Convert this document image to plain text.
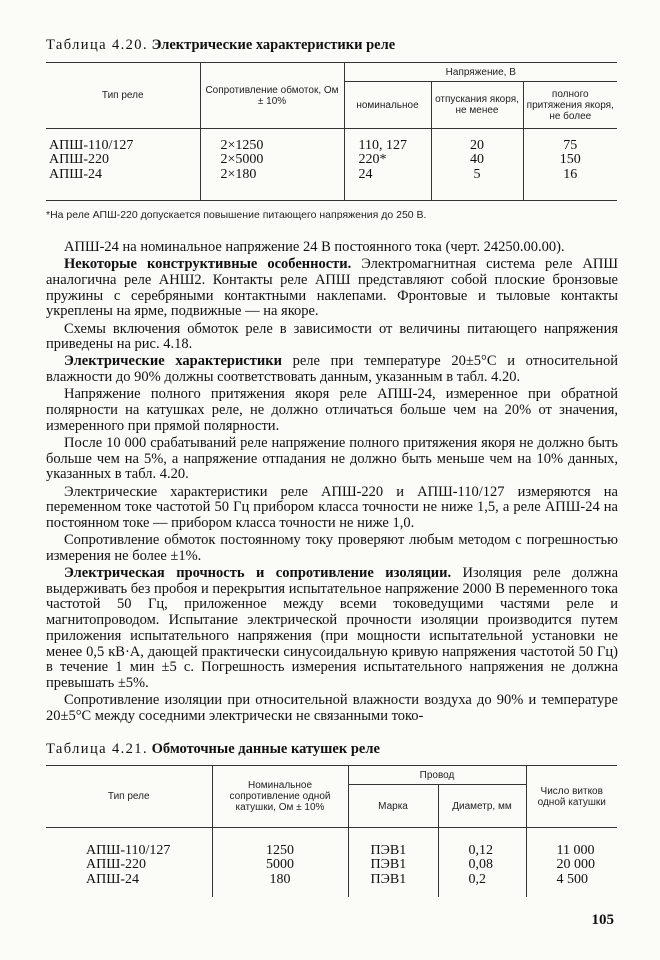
Таблица 4.20. Электрические характеристики реле
Тип реле	Сопротивление обмоток, Ом ± 10%	Напряжение, В		
		номинальное	отпускания якоря, не менее	полного притяжения якоря, не более

АПШ-110/127	2×1250	110, 127	20	75
АПШ-220	2×5000	220*	40	150
АПШ-24	2×180	24	5	16

*На реле АПШ-220 допускается повышение питающего напряжения до 250 В.

АПШ-24 на номинальное напряжение 24 В постоянного тока (черт. 24250.00.00).

Некоторые конструктивные особенности. Электромагнитная система реле АПШ аналогична реле АНШ2. Контакты реле АПШ представляют собой плоские бронзовые пружины с серебряными контактными наклепами. Фронтовые и тыловые контакты укреплены на ярме, подвижные — на якоре.

Схемы включения обмоток реле в зависимости от величины питающего напряжения приведены на рис. 4.18.

Электрические характеристики реле при температуре 20±5°С и относительной влажности до 90% должны соответствовать данным, указанным в табл. 4.20.

Напряжение полного притяжения якоря реле АПШ-24, измеренное при обратной полярности на катушках реле, не должно отличаться больше чем на 20% от значения, измеренного при прямой полярности.

После 10 000 срабатываний реле напряжение полного притяжения якоря не должно быть больше чем на 5%, а напряжение отпадания не должно быть меньше чем на 10% данных, указанных в табл. 4.20.

Электрические характеристики реле АПШ-220 и АПШ-110/127 измеряются на переменном токе частотой 50 Гц прибором класса точности не ниже 1,5, а реле АПШ-24 на постоянном токе — прибором класса точности не ниже 1,0.

Сопротивление обмоток постоянному току проверяют любым методом с погрешностью измерения не более ±1%.

Электрическая прочность и сопротивление изоляции. Изоляция реле должна выдерживать без пробоя и перекрытия испытательное напряжение 2000 В переменного тока частотой 50 Гц, приложенное между всеми токоведущими частями реле и магнитопроводом. Испытание электрической прочности изоляции производится путем приложения испытательного напряжения (при мощности испытательной установки не менее 0,5 кВ·А, дающей практически синусоидальную кривую напряжения частотой 50 Гц) в течение 1 мин ±5 с. Погрешность измерения испытательного напряжения не должна превышать ±5%.

Сопротивление изоляции при относительной влажности воздуха до 90% и температуре 20±5°С между соседними электрически не связанными токо-

Таблица 4.21. Обмоточные данные катушек реле
Тип реле	Номинальное сопротивление одной катушки, Ом ± 10%	Провод		Число витков одной катушки
		Марка	Диаметр, мм	

АПШ-110/127	1250	ПЭВ1	0,12	11 000
АПШ-220	5000	ПЭВ1	0,08	20 000
АПШ-24	180	ПЭВ1	0,2	4 500

105
